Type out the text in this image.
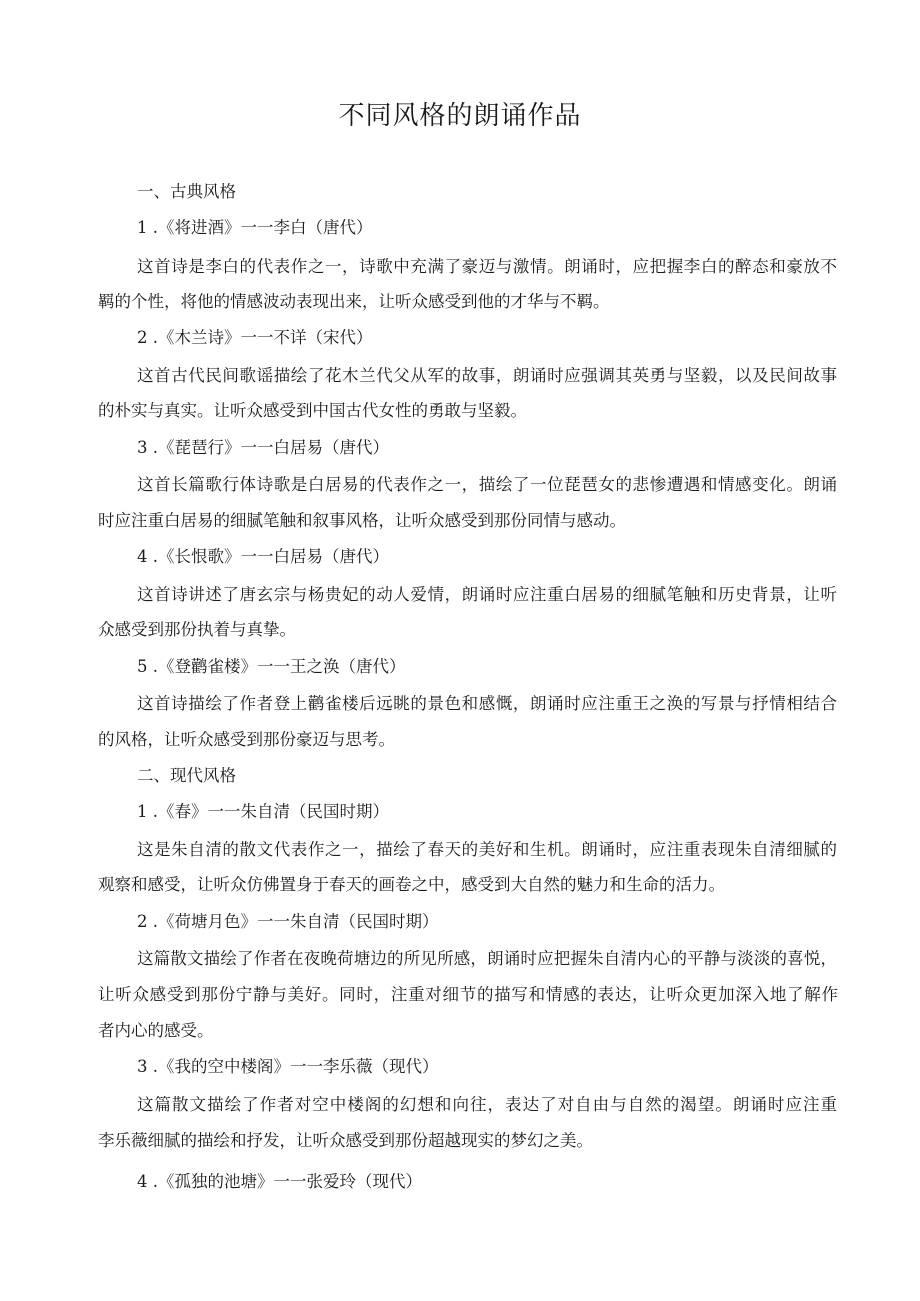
不同风格的朗诵作品
一、古典风格
1 .《将进酒》一一李白（唐代）
这首诗是李白的代表作之一，诗歌中充满了豪迈与激情。朗诵时，应把握李白的醉态和豪放不
羁的个性，将他的情感波动表现出来，让听众感受到他的才华与不羁。
2 .《木兰诗》一一不详（宋代）
这首古代民间歌谣描绘了花木兰代父从军的故事，朗诵时应强调其英勇与坚毅，以及民间故事
的朴实与真实。让听众感受到中国古代女性的勇敢与坚毅。
3 .《琵琶行》一一白居易（唐代）
这首长篇歌行体诗歌是白居易的代表作之一，描绘了一位琵琶女的悲惨遭遇和情感变化。朗诵
时应注重白居易的细腻笔触和叙事风格，让听众感受到那份同情与感动。
4 .《长恨歌》一一白居易（唐代）
这首诗讲述了唐玄宗与杨贵妃的动人爱情，朗诵时应注重白居易的细腻笔触和历史背景，让听
众感受到那份执着与真挚。
5 .《登鹳雀楼》一一王之涣（唐代）
这首诗描绘了作者登上鹳雀楼后远眺的景色和感慨，朗诵时应注重王之涣的写景与抒情相结合
的风格，让听众感受到那份豪迈与思考。
二、现代风格
1 .《春》一一朱自清（民国时期）
这是朱自清的散文代表作之一，描绘了春天的美好和生机。朗诵时，应注重表现朱自清细腻的
观察和感受，让听众仿佛置身于春天的画卷之中，感受到大自然的魅力和生命的活力。
2 .《荷塘月色》一一朱自清（民国时期）
这篇散文描绘了作者在夜晚荷塘边的所见所感，朗诵时应把握朱自清内心的平静与淡淡的喜悦，
让听众感受到那份宁静与美好。同时，注重对细节的描写和情感的表达，让听众更加深入地了解作
者内心的感受。
3 .《我的空中楼阁》一一李乐薇（现代）
这篇散文描绘了作者对空中楼阁的幻想和向往，表达了对自由与自然的渴望。朗诵时应注重
李乐薇细腻的描绘和抒发，让听众感受到那份超越现实的梦幻之美。
4 .《孤独的池塘》一一张爱玲（现代）
